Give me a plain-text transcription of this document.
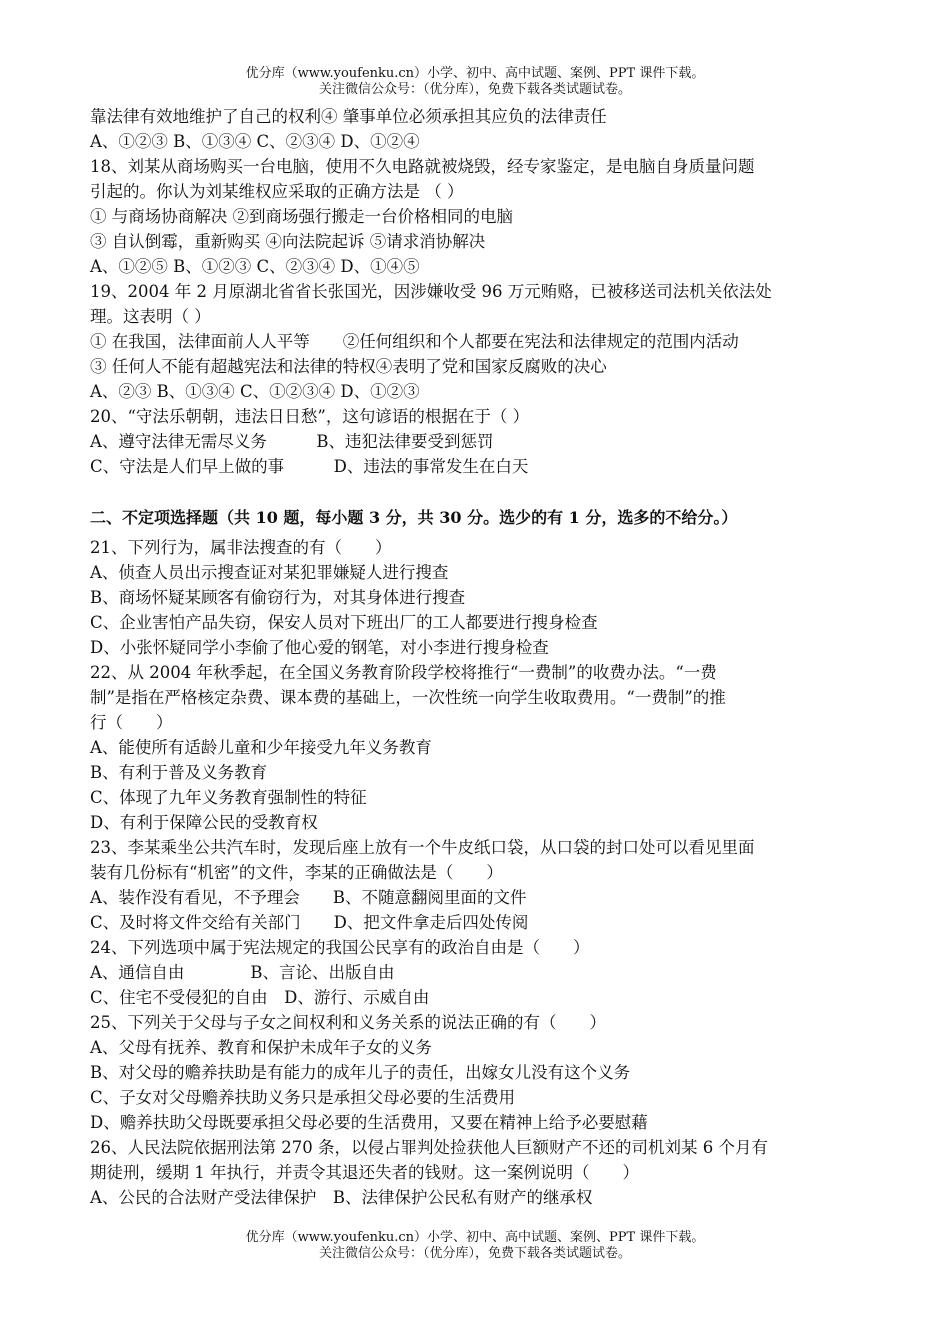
优分库（www.youfenku.cn）小学、初中、高中试题、案例、PPT 课件下载。
关注微信公众号：（优分库），免费下载各类试题试卷。
靠法律有效地维护了自己的权利④ 肇事单位必须承担其应负的法律责任
A、①②③ B、①③④ C、②③④ D、①②④
18、刘某从商场购买一台电脑，使用不久电路就被烧毁，经专家鉴定，是电脑自身质量问题
引起的。你认为刘某维权应采取的正确方法是 （ ）
① 与商场协商解决 ②到商场强行搬走一台价格相同的电脑
③ 自认倒霉，重新购买 ④向法院起诉 ⑤请求消协解决
A、①②⑤ B、①②③ C、②③④ D、①④⑤
19、2004 年 2 月原湖北省省长张国光，因涉嫌收受 96 万元贿赂，已被移送司法机关依法处
理。这表明（ ）
① 在我国，法律面前人人平等　　②任何组织和个人都要在宪法和法律规定的范围内活动
③ 任何人不能有超越宪法和法律的特权④表明了党和国家反腐败的决心
A、②③ B、①③④ C、①②③④ D、①②③
20、“守法乐朝朝，违法日日愁”，这句谚语的根据在于（ ）
A、遵守法律无需尽义务　　　B、违犯法律要受到惩罚
C、守法是人们早上做的事　　　D、违法的事常发生在白天
二、不定项选择题（共 10 题，每小题 3 分，共 30 分。选少的有 1 分，选多的不给分。）
21、下列行为，属非法搜查的有（　　）
A、侦查人员出示搜查证对某犯罪嫌疑人进行搜查
B、商场怀疑某顾客有偷窃行为，对其身体进行搜查
C、企业害怕产品失窃，保安人员对下班出厂的工人都要进行搜身检查
D、小张怀疑同学小李偷了他心爱的钢笔，对小李进行搜身检查
22、从 2004 年秋季起，在全国义务教育阶段学校将推行“一费制”的收费办法。“一费
制”是指在严格核定杂费、课本费的基础上，一次性统一向学生收取费用。“一费制”的推
行（　　）
A、能使所有适龄儿童和少年接受九年义务教育
B、有利于普及义务教育
C、体现了九年义务教育强制性的特征
D、有利于保障公民的受教育权
23、李某乘坐公共汽车时，发现后座上放有一个牛皮纸口袋，从口袋的封口处可以看见里面
装有几份标有“机密”的文件，李某的正确做法是（　　）
A、装作没有看见，不予理会　　B、不随意翻阅里面的文件
C、及时将文件交给有关部门　　D、把文件拿走后四处传阅
24、下列选项中属于宪法规定的我国公民享有的政治自由是（　　）
A、通信自由　　　　B、言论、出版自由
C、住宅不受侵犯的自由　D、游行、示威自由
25、下列关于父母与子女之间权利和义务关系的说法正确的有（　　）
A、父母有抚养、教育和保护未成年子女的义务
B、对父母的赡养扶助是有能力的成年儿子的责任，出嫁女儿没有这个义务
C、子女对父母赡养扶助义务只是承担父母必要的生活费用
D、赡养扶助父母既要承担父母必要的生活费用，又要在精神上给予必要慰藉
26、人民法院依据刑法第 270 条，以侵占罪判处捡获他人巨额财产不还的司机刘某 6 个月有
期徒刑，缓期 1 年执行，并责令其退还失者的钱财。这一案例说明（　　）
A、公民的合法财产受法律保护　B、法律保护公民私有财产的继承权
优分库（www.youfenku.cn）小学、初中、高中试题、案例、PPT 课件下载。
关注微信公众号：（优分库），免费下载各类试题试卷。
